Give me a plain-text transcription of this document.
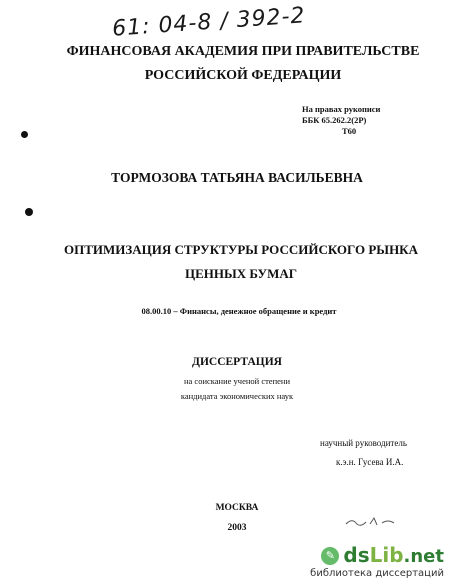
61: 04-8 / 392-2
ФИНАНСОВАЯ АКАДЕМИЯ ПРИ ПРАВИТЕЛЬСТВЕ
РОССИЙСКОЙ ФЕДЕРАЦИИ
На правах рукописи
ББК 65.262.2(2Р)
Т60
ТОРМОЗОВА ТАТЬЯНА ВАСИЛЬЕВНА
ОПТИМИЗАЦИЯ СТРУКТУРЫ РОССИЙСКОГО РЫНКА
ЦЕННЫХ БУМАГ
08.00.10 – Финансы, денежное обращение и кредит
ДИССЕРТАЦИЯ
на соискание ученой степени
кандидата экономических наук
научный руководитель
к.э.н. Гусева И.А.
МОСКВА
2003
✎ dsLib.net
библиотека диссертаций
